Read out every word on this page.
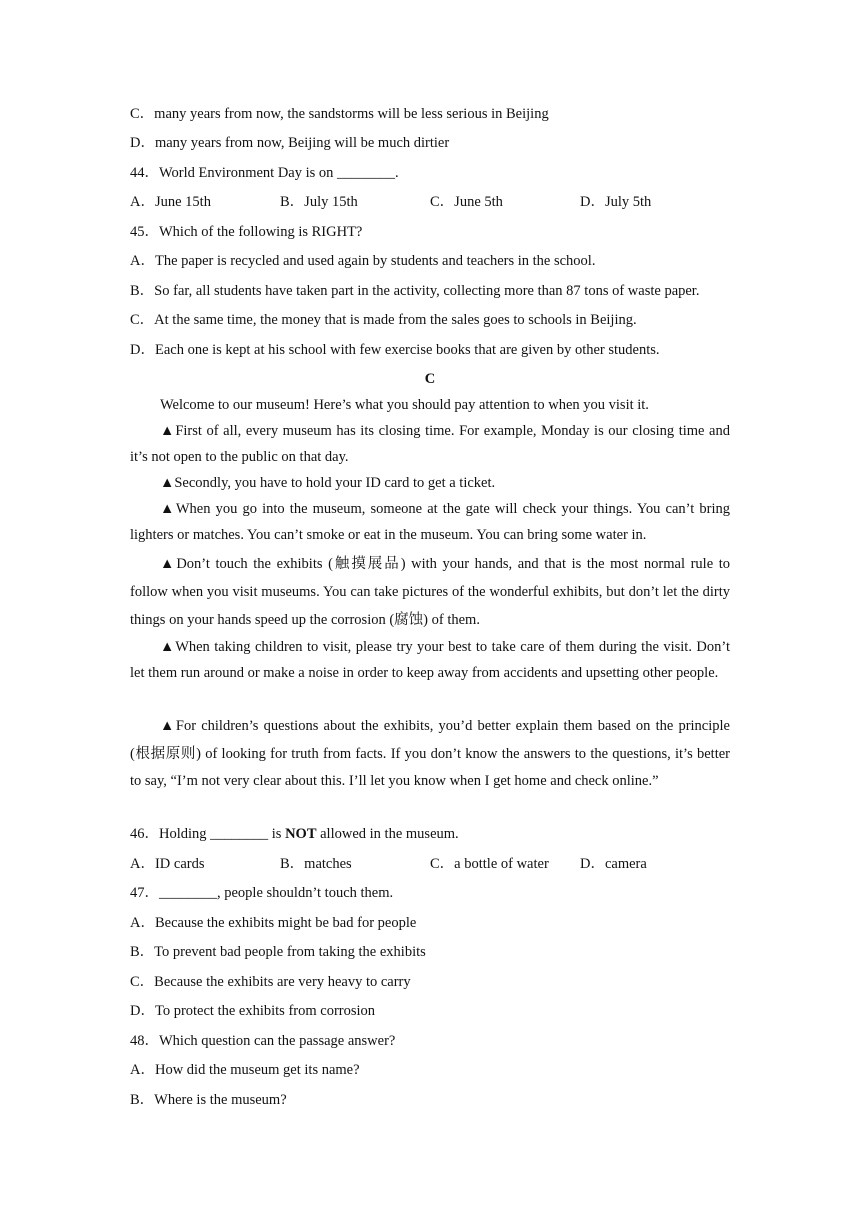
C．many years from now, the sandstorms will be less serious in Beijing
D．many years from now, Beijing will be much dirtier
44．World Environment Day is on ________.
A．June 15th	B．July 15th	C．June 5th	D．July 5th
45．Which of the following is RIGHT?
A．The paper is recycled and used again by students and teachers in the school.
B．So far, all students have taken part in the activity, collecting more than 87 tons of waste paper.
C．At the same time, the money that is made from the sales goes to schools in Beijing.
D．Each one is kept at his school with few exercise books that are given by other students.
C
Welcome to our museum! Here’s what you should pay attention to when you visit it.
▲First of all, every museum has its closing time. For example, Monday is our closing time and it’s not open to the public on that day.
▲Secondly, you have to hold your ID card to get a ticket.
▲When you go into the museum, someone at the gate will check your things. You can’t bring lighters or matches. You can’t smoke or eat in the museum. You can bring some water in.
▲Don’t touch the exhibits (触摸展品) with your hands, and that is the most normal rule to follow when you visit museums. You can take pictures of the wonderful exhibits, but don’t let the dirty things on your hands speed up the corrosion (腐蚀) of them.
▲When taking children to visit, please try your best to take care of them during the visit. Don’t let them run around or make a noise in order to keep away from accidents and upsetting other people.
▲For children’s questions about the exhibits, you’d better explain them based on the principle (根据原则) of looking for truth from facts. If you don’t know the answers to the questions, it’s better to say, “I’m not very clear about this. I’ll let you know when I get home and check online.”
46．Holding ________ is NOT allowed in the museum.
A．ID cards	B．matches	C．a bottle of water D．camera
47．________, people shouldn’t touch them.
A．Because the exhibits might be bad for people
B．To prevent bad people from taking the exhibits
C．Because the exhibits are very heavy to carry
D．To protect the exhibits from corrosion
48．Which question can the passage answer?
A．How did the museum get its name?
B．Where is the museum?
